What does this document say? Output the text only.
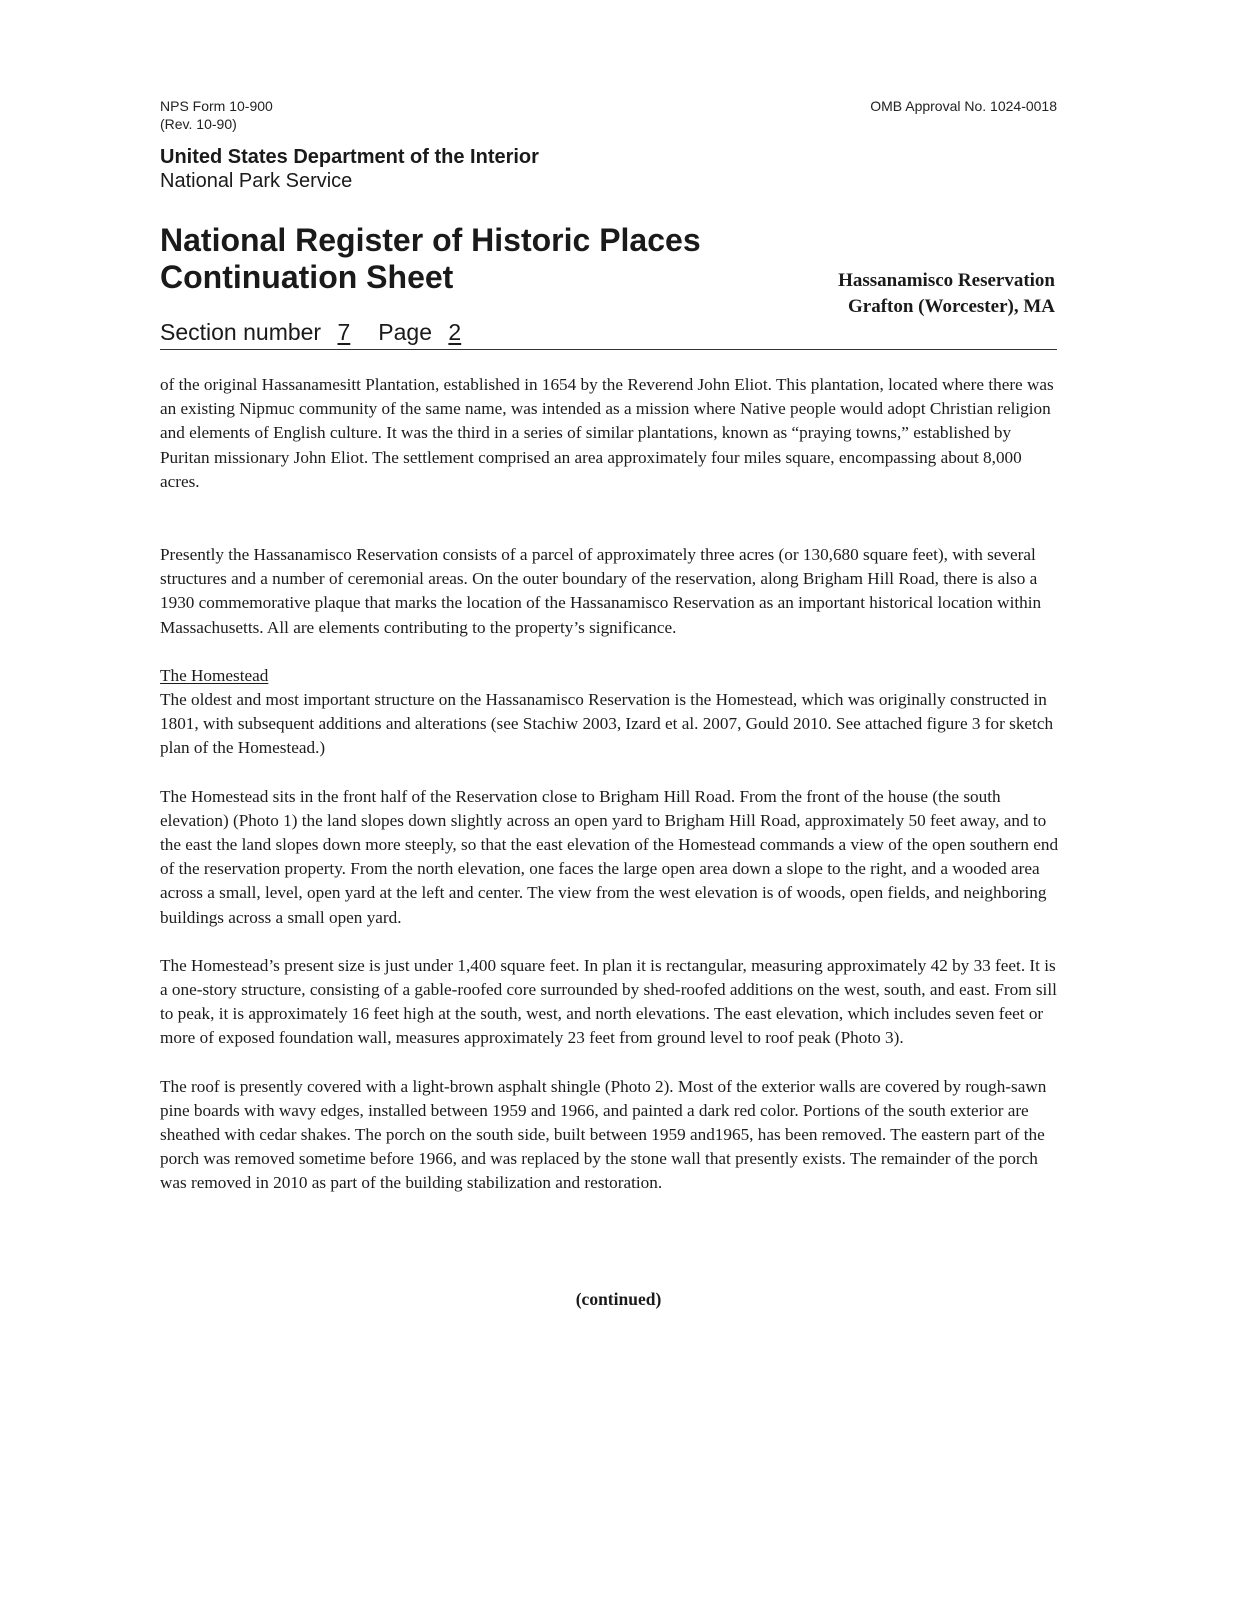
NPS Form 10-900
(Rev. 10-90)
OMB Approval No. 1024-0018
United States Department of the Interior
National Park Service
National Register of Historic Places
Continuation Sheet	Hassanamisco Reservation
Grafton (Worcester), MA
Section number 7 Page 2

of the original Hassanamesitt Plantation, established in 1654 by the Reverend John Eliot. This plantation, located where there was an existing Nipmuc community of the same name, was intended as a mission where Native people would adopt Christian religion and elements of English culture. It was the third in a series of similar plantations, known as “praying towns,” established by Puritan missionary John Eliot. The settlement comprised an area approximately four miles square, encompassing about 8,000 acres.

Presently the Hassanamisco Reservation consists of a parcel of approximately three acres (or 130,680 square feet), with several structures and a number of ceremonial areas. On the outer boundary of the reservation, along Brigham Hill Road, there is also a 1930 commemorative plaque that marks the location of the Hassanamisco Reservation as an important historical location within Massachusetts. All are elements contributing to the property’s significance.

The Homestead

The oldest and most important structure on the Hassanamisco Reservation is the Homestead, which was originally constructed in 1801, with subsequent additions and alterations (see Stachiw 2003, Izard et al. 2007, Gould 2010. See attached figure 3 for sketch plan of the Homestead.)

The Homestead sits in the front half of the Reservation close to Brigham Hill Road. From the front of the house (the south elevation) (Photo 1) the land slopes down slightly across an open yard to Brigham Hill Road, approximately 50 feet away, and to the east the land slopes down more steeply, so that the east elevation of the Homestead commands a view of the open southern end of the reservation property. From the north elevation, one faces the large open area down a slope to the right, and a wooded area across a small, level, open yard at the left and center. The view from the west elevation is of woods, open fields, and neighboring buildings across a small open yard.

The Homestead’s present size is just under 1,400 square feet. In plan it is rectangular, measuring approximately 42 by 33 feet. It is a one-story structure, consisting of a gable-roofed core surrounded by shed-roofed additions on the west, south, and east. From sill to peak, it is approximately 16 feet high at the south, west, and north elevations. The east elevation, which includes seven feet or more of exposed foundation wall, measures approximately 23 feet from ground level to roof peak (Photo 3).

The roof is presently covered with a light-brown asphalt shingle (Photo 2). Most of the exterior walls are covered by rough-sawn pine boards with wavy edges, installed between 1959 and 1966, and painted a dark red color. Portions of the south exterior are sheathed with cedar shakes. The porch on the south side, built between 1959 and1965, has been removed. The eastern part of the porch was removed sometime before 1966, and was replaced by the stone wall that presently exists. The remainder of the porch was removed in 2010 as part of the building stabilization and restoration.

(continued)
